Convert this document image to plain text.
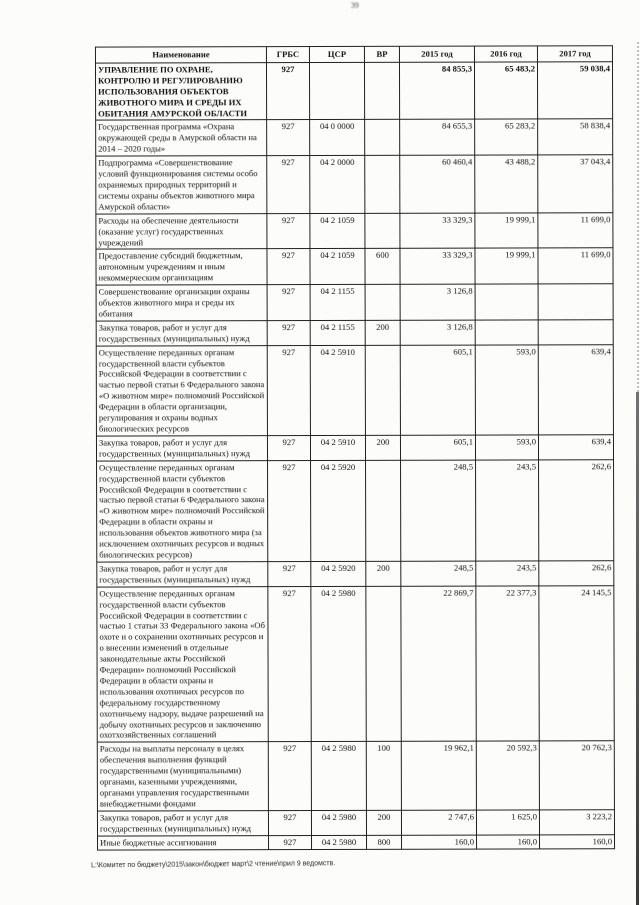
39
Наименование	ГРБС	ЦСР	ВР	2015 год	2016 год	2017 год
УПРАВЛЕНИЕ ПО ОХРАНЕ, КОНТРОЛЮ И РЕГУЛИРОВАНИЮ ИСПОЛЬЗОВАНИЯ ОБЪЕКТОВ ЖИВОТНОГО МИРА И СРЕДЫ ИХ ОБИТАНИЯ АМУРСКОЙ ОБЛАСТИ	927			84 855,3	65 483,2	59 038,4
Государственная программа «Охрана окружающей среды в Амурской области на 2014 – 2020 годы»	927	04 0 0000		84 655,3	65 283,2	58 838,4
Подпрограмма «Совершенствование условий функционирования системы особо охраняемых природных территорий и системы охраны объектов животного мира Амурской области»	927	04 2 0000		60 460,4	43 488,2	37 043,4
Расходы на обеспечение деятельности (оказание услуг) государственных учреждений	927	04 2 1059		33 329,3	19 999,1	11 699,0
Предоставление субсидий бюджетным, автономным учреждениям и иным некоммерческим организациям	927	04 2 1059	600	33 329,3	19 999,1	11 699,0
Совершенствование организации охраны объектов животного мира и среды их обитания	927	04 2 1155		3 126,8		
Закупка товаров, работ и услуг для государственных (муниципальных) нужд	927	04 2 1155	200	3 126,8		
Осуществление переданных органам государственной власти субъектов Российской Федерации в соответствии с частью первой статьи 6 Федерального закона «О животном мире» полномочий Российской Федерации в области организации, регулирования и охраны водных биологических ресурсов	927	04 2 5910		605,1	593,0	639,4
Закупка товаров, работ и услуг для государственных (муниципальных) нужд	927	04 2 5910	200	605,1	593,0	639,4
Осуществление переданных органам государственной власти субъектов Российской Федерации в соответствии с частью первой статьи 6 Федерального закона «О животном мире» полномочий Российской Федерации в области охраны и использования объектов животного мира (за исключением охотничьих ресурсов и водных биологических ресурсов)	927	04 2 5920		248,5	243,5	262,6
Закупка товаров, работ и услуг для государственных (муниципальных) нужд	927	04 2 5920	200	248,5	243,5	262,6
Осуществление переданных органам государственной власти субъектов Российской Федерации в соответствии с частью 1 статьи 33 Федерального закона «Об охоте и о сохранении охотничьих ресурсов и о внесении изменений в отдельные законодательные акты Российской Федерации» полномочий Российской Федерации в области охраны и использования охотничьих ресурсов по федеральному государственному охотничьему надзору, выдаче разрешений на добычу охотничьих ресурсов и заключению охотхозяйственных соглашений	927	04 2 5980		22 869,7	22 377,3	24 145,5
Расходы на выплаты персоналу в целях обеспечения выполнения функций государственными (муниципальными) органами, казенными учреждениями, органами управления государственными внебюджетными фондами	927	04 2 5980	100	19 962,1	20 592,3	20 762,3
Закупка товаров, работ и услуг для государственных (муниципальных) нужд	927	04 2 5980	200	2 747,6	1 625,0	3 223,2
Иные бюджетные ассигнования	927	04 2 5980	800	160,0	160,0	160,0
L:\Комитет по бюджету\2015\закон\бюджет март\2 чтение\прил 9 ведомств.
